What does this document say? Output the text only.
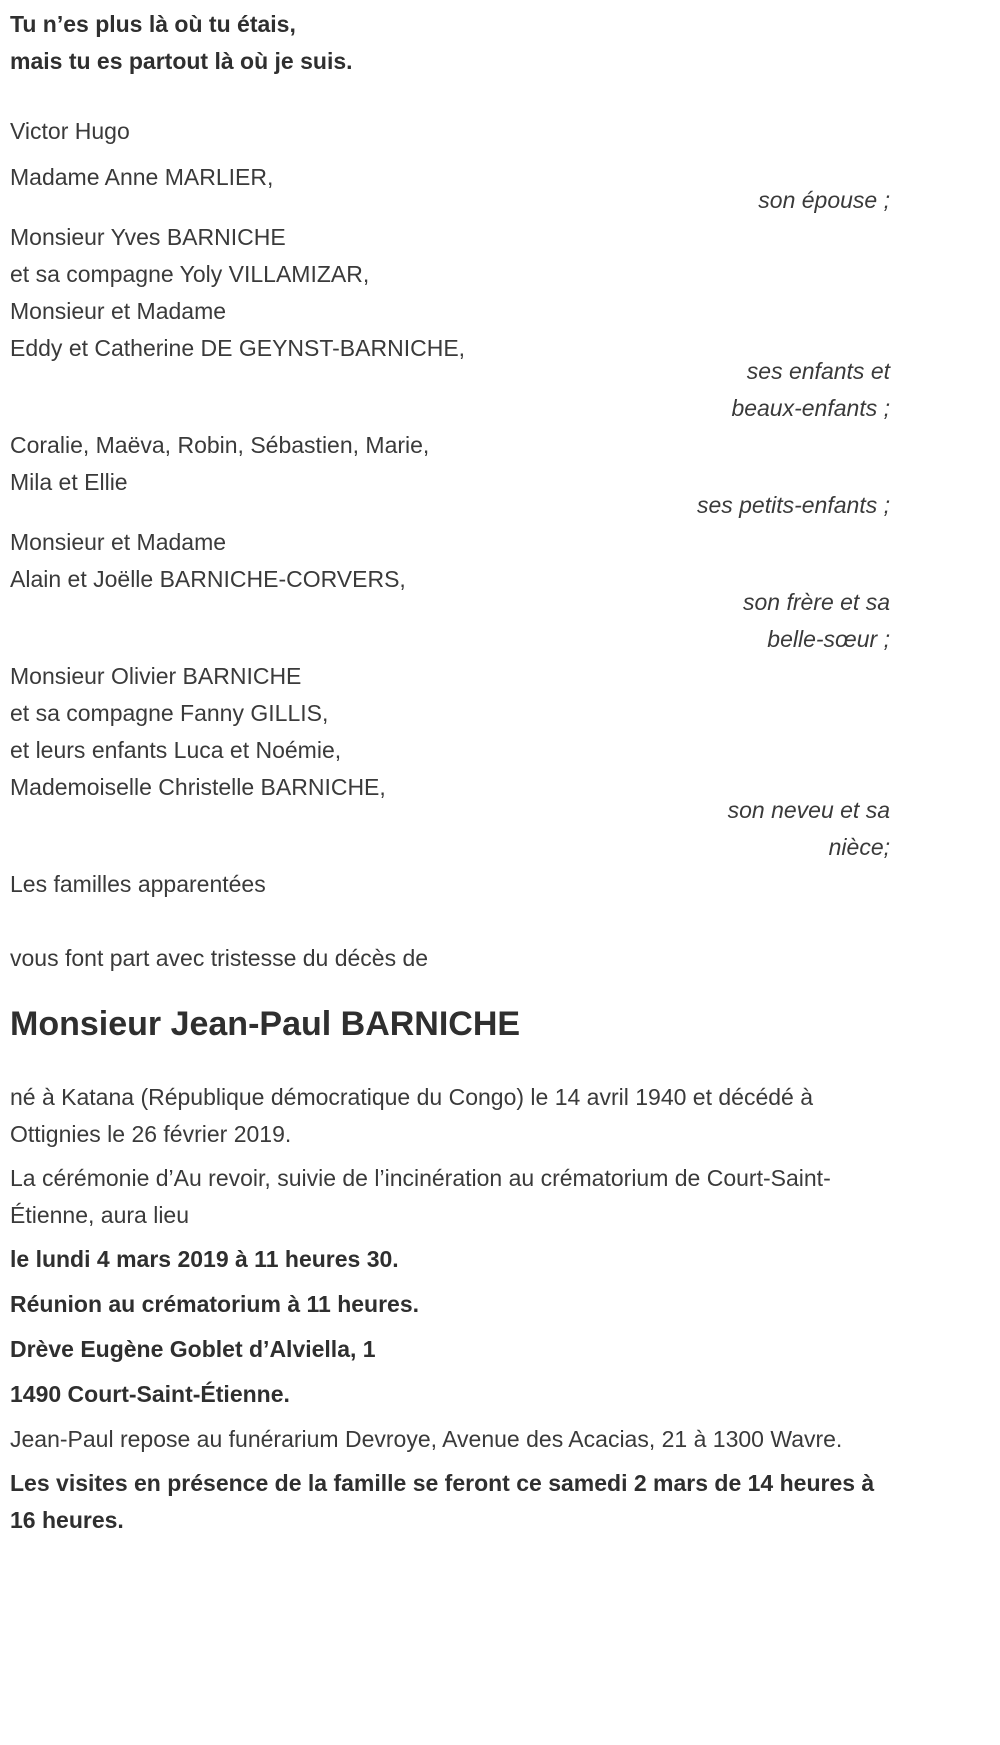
Tu n’es plus là où tu étais,
mais tu es partout là où je suis.
Victor Hugo
Madame Anne MARLIER,
son épouse ;
Monsieur Yves BARNICHE
et sa compagne Yoly VILLAMIZAR,
Monsieur et Madame
Eddy et Catherine DE GEYNST-BARNICHE,
ses enfants et
beaux-enfants ;
Coralie, Maëva, Robin, Sébastien, Marie,
Mila et Ellie
ses petits-enfants ;
Monsieur et Madame
Alain et Joëlle BARNICHE-CORVERS,
son frère et sa
belle-sœur ;
Monsieur Olivier BARNICHE
et sa compagne Fanny GILLIS,
et leurs enfants Luca et Noémie,
Mademoiselle Christelle BARNICHE,
son neveu et sa
nièce;
Les familles apparentées

vous font part avec tristesse du décès de

Monsieur Jean-Paul BARNICHE

né à Katana (République démocratique du Congo) le 14 avril 1940 et décédé à Ottignies le 26 février 2019.

La cérémonie d’Au revoir, suivie de l’incinération au crématorium de Court-Saint-Étienne, aura lieu

le lundi 4 mars 2019 à 11 heures 30.

Réunion au crématorium à 11 heures.

Drève Eugène Goblet d’Alviella, 1

1490 Court-Saint-Étienne.

Jean-Paul repose au funérarium Devroye, Avenue des Acacias, 21 à 1300 Wavre.

Les visites en présence de la famille se feront ce samedi 2 mars de 14 heures à 16 heures.
